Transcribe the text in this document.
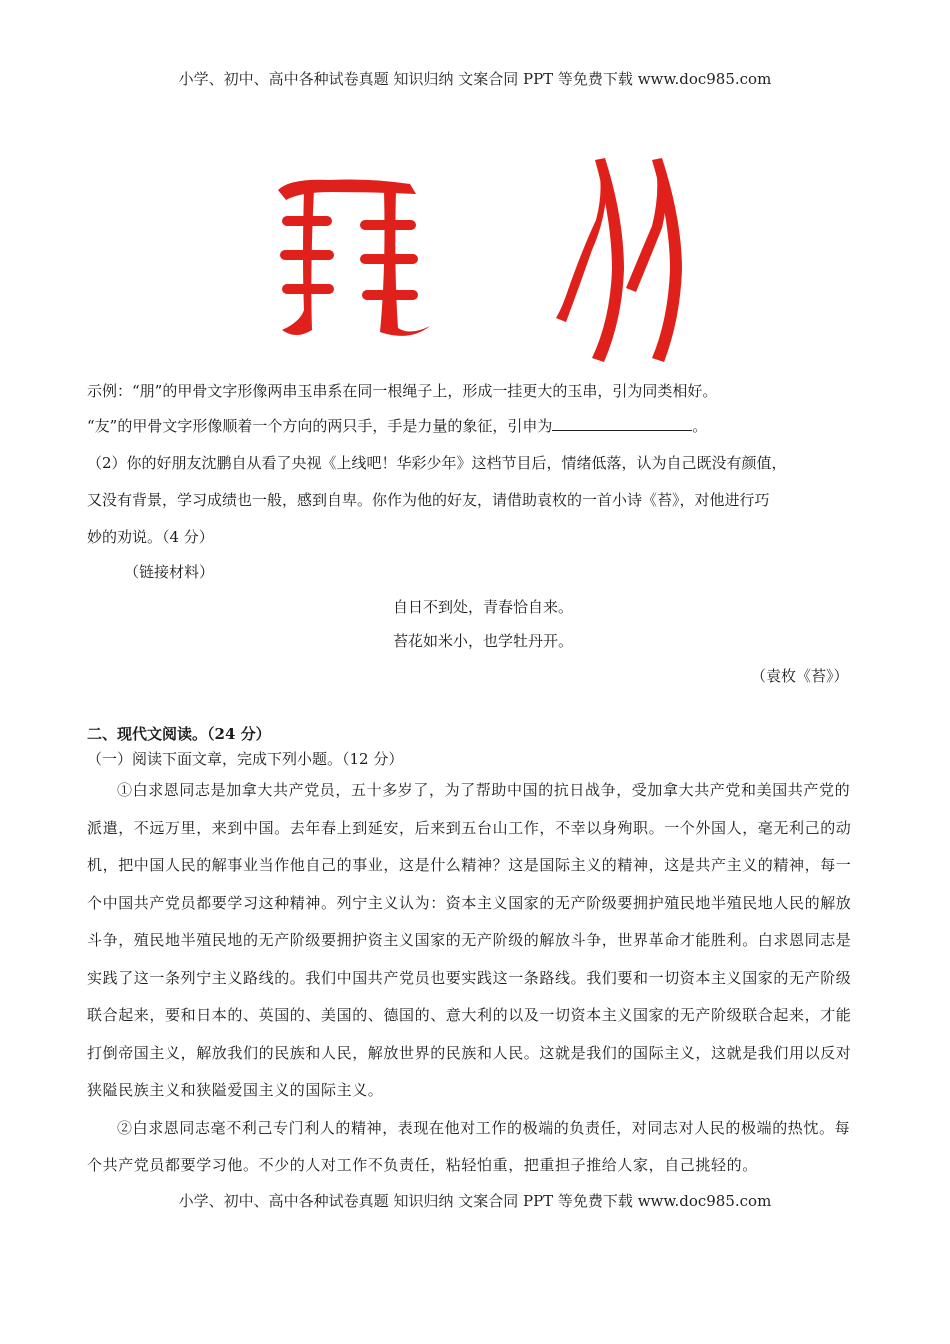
小学、初中、高中各种试卷真题 知识归纳 文案合同 PPT 等免费下载 www.doc985.com
示例：“朋”的甲骨文字形像两串玉串系在同一根绳子上，形成一挂更大的玉串，引为同类相好。
“友”的甲骨文字形像顺着一个方向的两只手，手是力量的象征，引申为	。
（2）你的好朋友沈鹏自从看了央视《上线吧！华彩少年》这档节目后，情绪低落，认为自己既没有颜值，
又没有背景，学习成绩也一般，感到自卑。你作为他的好友，请借助袁枚的一首小诗《苔》，对他进行巧
妙的劝说。（4 分）
（链接材料）
自日不到处，青春恰自来。
苔花如米小，也学牡丹开。
（袁枚《苔》）
二、现代文阅读。（24 分）
（一）阅读下面文章，完成下列小题。（12 分）

①白求恩同志是加拿大共产党员，五十多岁了，为了帮助中国的抗日战争，受加拿大共产党和美国共产党的派遣，不远万里，来到中国。去年春上到延安，后来到五台山工作，不幸以身殉职。一个外国人，毫无利己的动机，把中国人民的解事业当作他自己的事业，这是什么精神？这是国际主义的精神，这是共产主义的精神，每一个中国共产党员都要学习这种精神。列宁主义认为：资本主义国家的无产阶级要拥护殖民地半殖民地人民的解放斗争，殖民地半殖民地的无产阶级要拥护资主义国家的无产阶级的解放斗争，世界革命才能胜利。白求恩同志是实践了这一条列宁主义路线的。我们中国共产党员也要实践这一条路线。我们要和一切资本主义国家的无产阶级联合起来，要和日本的、英国的、美国的、德国的、意大利的以及一切资本主义国家的无产阶级联合起来，才能打倒帝国主义，解放我们的民族和人民，解放世界的民族和人民。这就是我们的国际主义，这就是我们用以反对狭隘民族主义和狭隘爱国主义的国际主义。

②白求恩同志毫不利己专门利人的精神，表现在他对工作的极端的负责任，对同志对人民的极端的热忱。每个共产党员都要学习他。不少的人对工作不负责任，粘轻怕重，把重担子推给人家，自己挑轻的。

小学、初中、高中各种试卷真题 知识归纳 文案合同 PPT 等免费下载 www.doc985.com
